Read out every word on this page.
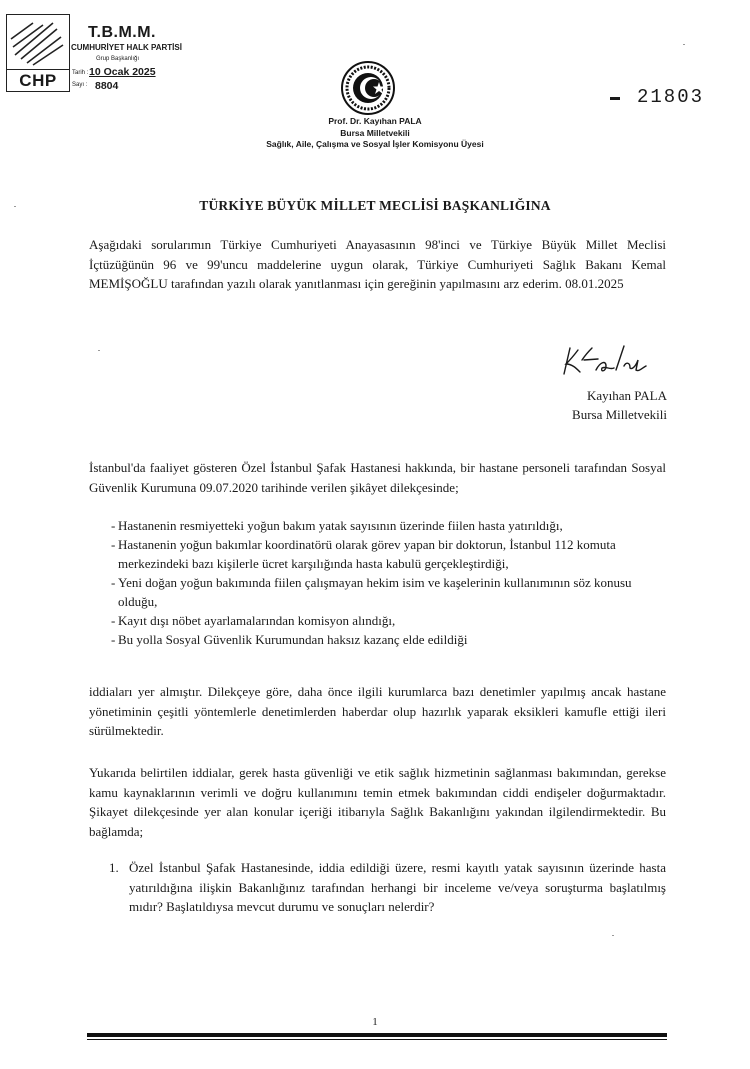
CHP
T.B.M.M.
CUMHURİYET HALK PARTİSİ
Grup Başkanlığı
Tarih : 10 Ocak 2025
Sayı : 8804
▬ 21803
Prof. Dr. Kayıhan PALA
Bursa Milletvekili
Sağlık, Aile, Çalışma ve Sosyal İşler Komisyonu Üyesi
TÜRKİYE BÜYÜK MİLLET MECLİSİ BAŞKANLIĞINA
Aşağıdaki sorularımın Türkiye Cumhuriyeti Anayasasının 98'inci ve Türkiye Büyük Millet Meclisi İçtüzüğünün 96 ve 99'uncu maddelerine uygun olarak, Türkiye Cumhuriyeti Sağlık Bakanı Kemal MEMİŞOĞLU tarafından yazılı olarak yanıtlanması için gereğinin yapılmasını arz ederim. 08.01.2025
Kayıhan PALA
Bursa Milletvekili
İstanbul'da faaliyet gösteren Özel İstanbul Şafak Hastanesi hakkında, bir hastane personeli tarafından Sosyal Güvenlik Kurumuna 09.07.2020 tarihinde verilen şikâyet dilekçesinde;
- Hastanenin resmiyetteki yoğun bakım yatak sayısının üzerinde fiilen hasta yatırıldığı,
- Hastanenin yoğun bakımlar koordinatörü olarak görev yapan bir doktorun, İstanbul 112 komuta merkezindeki bazı kişilerle ücret karşılığında hasta kabulü gerçekleştirdiği,
- Yeni doğan yoğun bakımında fiilen çalışmayan hekim isim ve kaşelerinin kullanımının söz konusu olduğu,
- Kayıt dışı nöbet ayarlamalarından komisyon alındığı,
- Bu yolla Sosyal Güvenlik Kurumundan haksız kazanç elde edildiği
iddiaları yer almıştır. Dilekçeye göre, daha önce ilgili kurumlarca bazı denetimler yapılmış ancak hastane yönetiminin çeşitli yöntemlerle denetimlerden haberdar olup hazırlık yaparak eksikleri kamufle ettiği ileri sürülmektedir.
Yukarıda belirtilen iddialar, gerek hasta güvenliği ve etik sağlık hizmetinin sağlanması bakımından, gerekse kamu kaynaklarının verimli ve doğru kullanımını temin etmek bakımından ciddi endişeler doğurmaktadır. Şikayet dilekçesinde yer alan konular içeriği itibarıyla Sağlık Bakanlığını yakından ilgilendirmektedir. Bu bağlamda;
1. Özel İstanbul Şafak Hastanesinde, iddia edildiği üzere, resmi kayıtlı yatak sayısının üzerinde hasta yatırıldığına ilişkin Bakanlığınız tarafından herhangi bir inceleme ve/veya soruşturma başlatılmış mıdır? Başlatıldıysa mevcut durumu ve sonuçları nelerdir?
1
